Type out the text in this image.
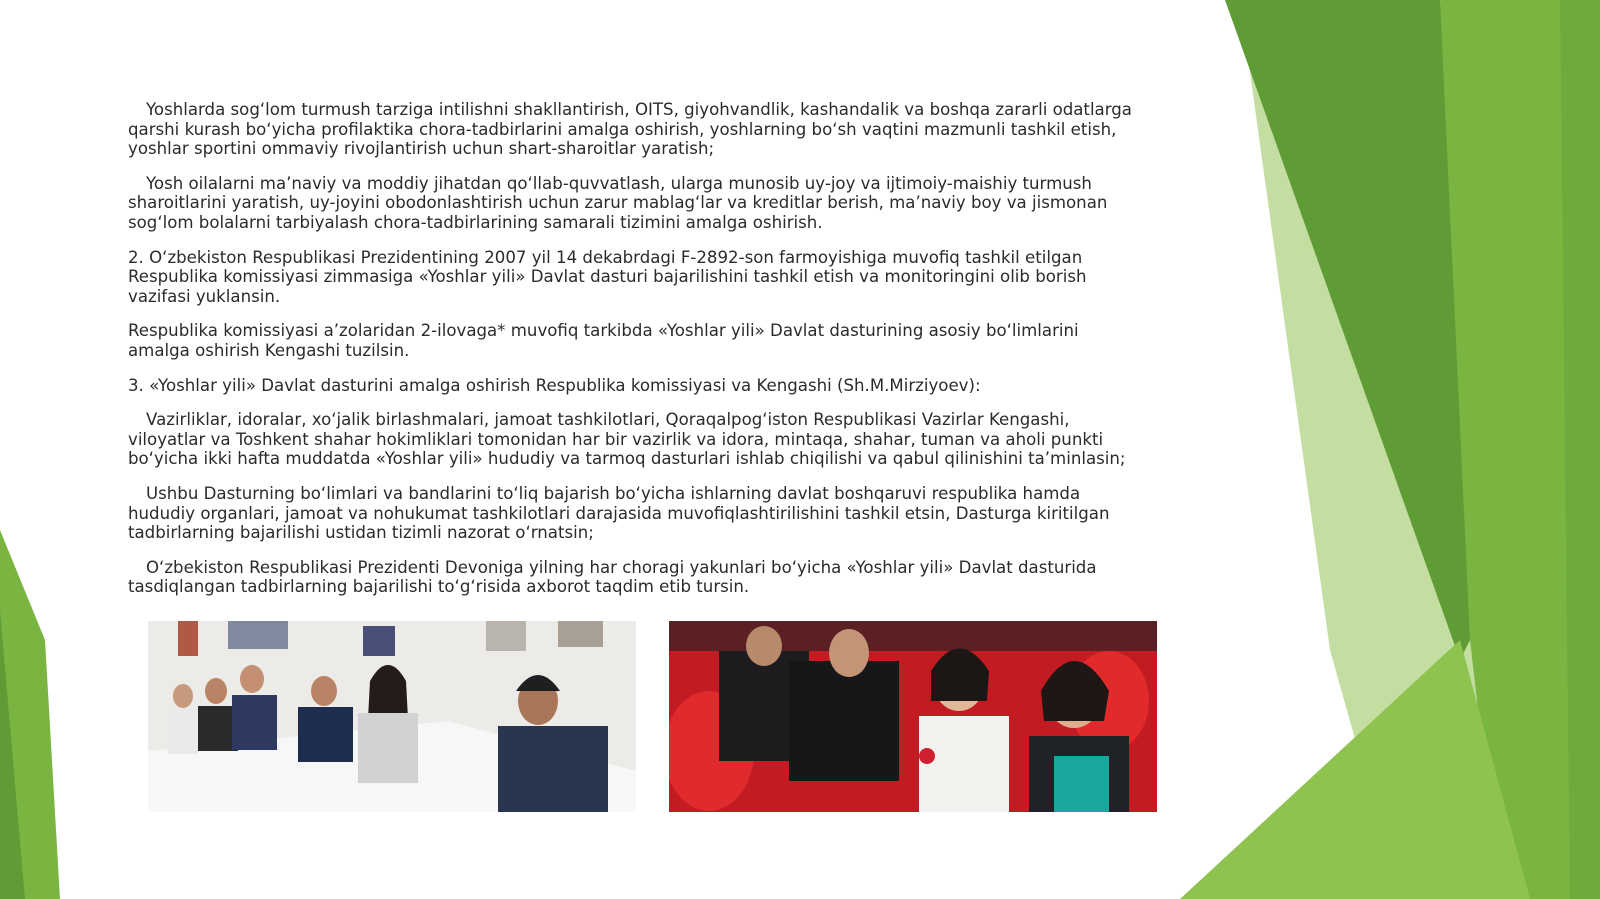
Yoshlarda sog‘lom turmush tarziga intilishni shakllantirish, OITS, giyohvandlik, kashandalik va boshqa zararli odatlarga qarshi kurash bo‘yicha profilaktika chora-tadbirlarini amalga oshirish, yoshlarning bo‘sh vaqtini mazmunli tashkil etish, yoshlar sportini ommaviy rivojlantirish uchun shart-sharoitlar yaratish;

Yosh oilalarni ma’naviy va moddiy jihatdan qo‘llab-quvvatlash, ularga munosib uy-joy va ijtimoiy-maishiy turmush sharoitlarini yaratish, uy-joyini obodonlashtirish uchun zarur mablag‘lar va kreditlar berish, ma’naviy boy va jismonan sog‘lom bolalarni tarbiyalash chora-tadbirlarining samarali tizimini amalga oshirish.

2. O‘zbekiston Respublikasi Prezidentining 2007 yil 14 dekabrdagi F-2892-son farmoyishiga muvofiq tashkil etilgan Respublika komissiyasi zimmasiga «Yoshlar yili» Davlat dasturi bajarilishini tashkil etish va monitoringini olib borish vazifasi yuklansin.

Respublika komissiyasi a’zolaridan 2-ilovaga* muvofiq tarkibda «Yoshlar yili» Davlat dasturining asosiy bo‘limlarini amalga oshirish Kengashi tuzilsin.

3. «Yoshlar yili» Davlat dasturini amalga oshirish Respublika komissiyasi va Kengashi (Sh.M.Mirziyoev):

Vazirliklar, idoralar, xo‘jalik birlashmalari, jamoat tashkilotlari, Qoraqalpog‘iston Respublikasi Vazirlar Kengashi, viloyatlar va Toshkent shahar hokimliklari tomonidan har bir vazirlik va idora, mintaqa, shahar, tuman va aholi punkti bo‘yicha ikki hafta muddatda «Yoshlar yili» hududiy va tarmoq dasturlari ishlab chiqilishi va qabul qilinishini ta’minlasin;

Ushbu Dasturning bo‘limlari va bandlarini to‘liq bajarish bo‘yicha ishlarning davlat boshqaruvi respublika hamda hududiy organlari, jamoat va nohukumat tashkilotlari darajasida muvofiqlashtirilishini tashkil etsin, Dasturga kiritilgan tadbirlarning bajarilishi ustidan tizimli nazorat o‘rnatsin;

O‘zbekiston Respublikasi Prezidenti Devoniga yilning har choragi yakunlari bo‘yicha «Yoshlar yili» Davlat dasturida tasdiqlangan tadbirlarning bajarilishi to‘g‘risida axborot taqdim etib tursin.
